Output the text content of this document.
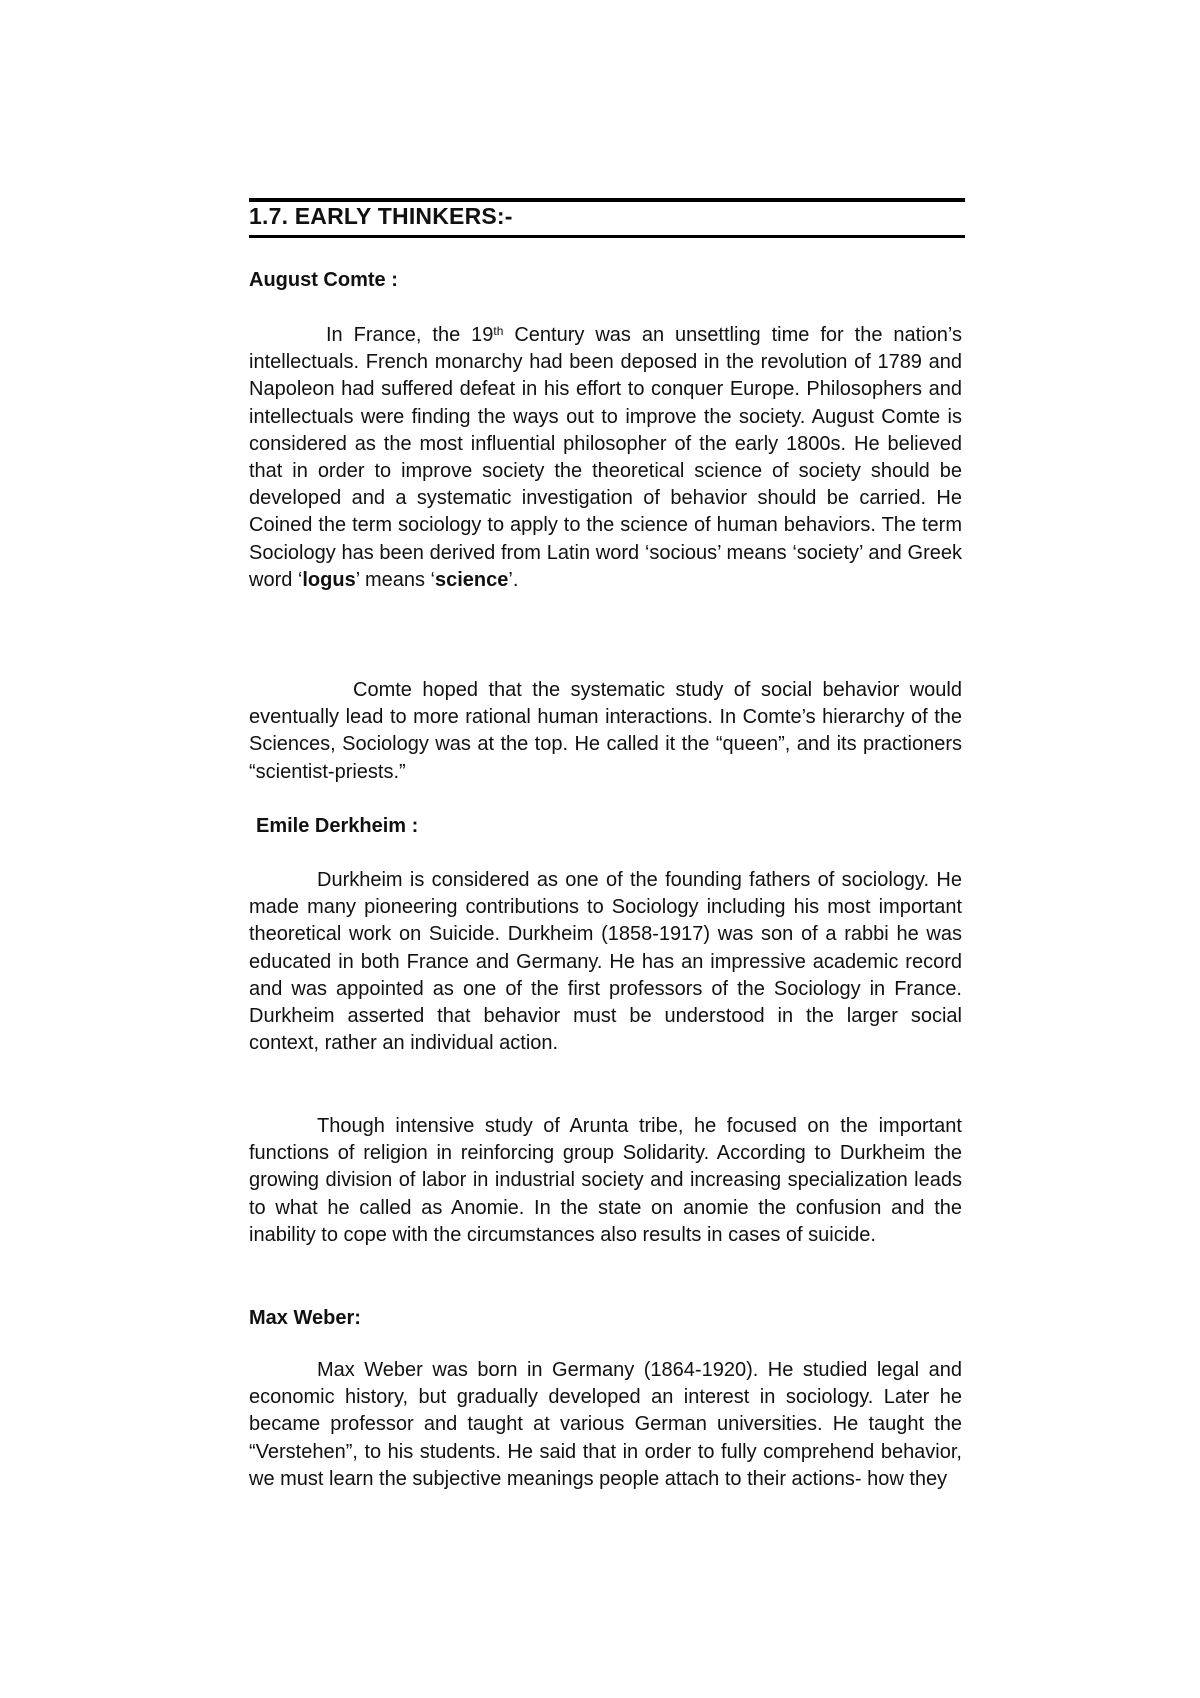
1.7. EARLY THINKERS:-
August Comte :

In France, the 19th Century was an unsettling time for the nation’s intellectuals. French monarchy had been deposed in the revolution of 1789 and Napoleon had suffered defeat in his effort to conquer Europe. Philosophers and intellectuals were finding the ways out to improve the society. August Comte is considered as the most influential philosopher of the early 1800s. He believed that in order to improve society the theoretical science of society should be developed and a systematic investigation of behavior should be carried. He Coined the term sociology to apply to the science of human behaviors. The term Sociology has been derived from Latin word ‘socious’ means ‘society’ and Greek word ‘logus’ means ‘science’.

Comte hoped that the systematic study of social behavior would eventually lead to more rational human interactions. In Comte’s hierarchy of the Sciences, Sociology was at the top. He called it the “queen”, and its practioners “scientist-priests.”

Emile Derkheim :

Durkheim is considered as one of the founding fathers of sociology. He made many pioneering contributions to Sociology including his most important theoretical work on Suicide. Durkheim (1858-1917) was son of a rabbi he was educated in both France and Germany. He has an impressive academic record and was appointed as one of the first professors of the Sociology in France. Durkheim asserted that behavior must be understood in the larger social context, rather an individual action.

Though intensive study of Arunta tribe, he focused on the important functions of religion in reinforcing group Solidarity. According to Durkheim the growing division of labor in industrial society and increasing specialization leads to what he called as Anomie. In the state on anomie the confusion and the inability to cope with the circumstances also results in cases of suicide.

Max Weber:

Max Weber was born in Germany (1864-1920). He studied legal and economic history, but gradually developed an interest in sociology. Later he became professor and taught at various German universities. He taught the “Verstehen”, to his students. He said that in order to fully comprehend behavior, we must learn the subjective meanings people attach to their actions- how they
